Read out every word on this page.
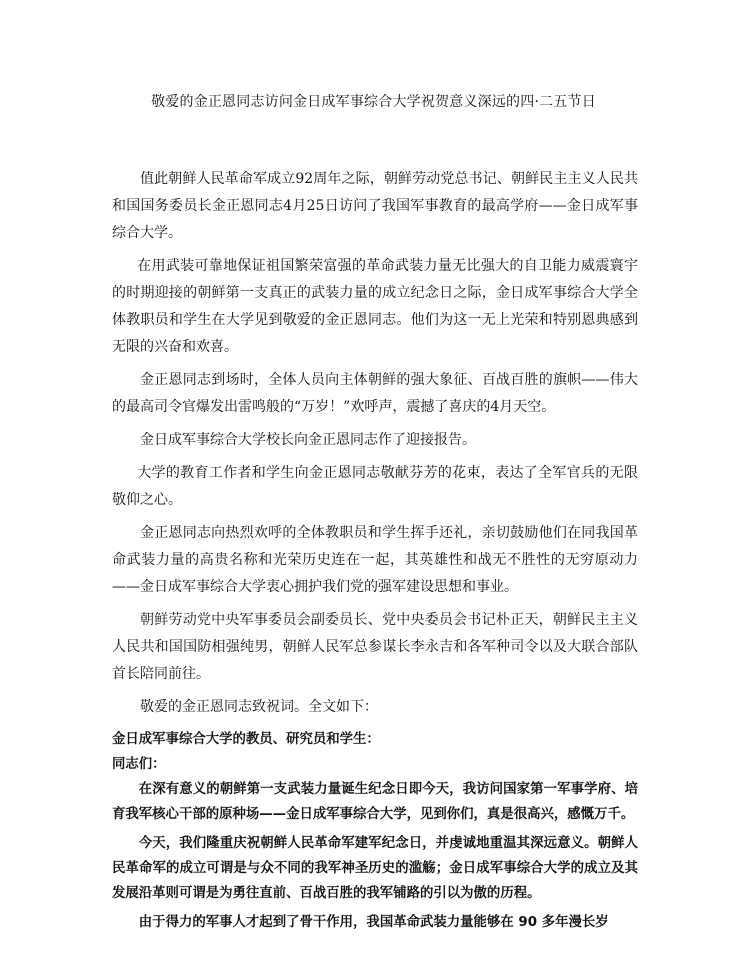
敬爱的金正恩同志访问金日成军事综合大学祝贺意义深远的四·二五节日

值此朝鲜人民革命军成立92周年之际，朝鲜劳动党总书记、朝鲜民主主义人民共和国国务委员长金正恩同志4月25日访问了我国军事教育的最高学府——金日成军事综合大学。

在用武装可靠地保证祖国繁荣富强的革命武装力量无比强大的自卫能力威震寰宇的时期迎接的朝鲜第一支真正的武装力量的成立纪念日之际，金日成军事综合大学全体教职员和学生在大学见到敬爱的金正恩同志。他们为这一无上光荣和特别恩典感到无限的兴奋和欢喜。

金正恩同志到场时，全体人员向主体朝鲜的强大象征、百战百胜的旗帜——伟大的最高司令官爆发出雷鸣般的“万岁！”欢呼声，震撼了喜庆的4月天空。

金日成军事综合大学校长向金正恩同志作了迎接报告。

大学的教育工作者和学生向金正恩同志敬献芬芳的花束，表达了全军官兵的无限敬仰之心。

金正恩同志向热烈欢呼的全体教职员和学生挥手还礼，亲切鼓励他们在同我国革命武装力量的高贵名称和光荣历史连在一起，其英雄性和战无不胜性的无穷原动力——金日成军事综合大学衷心拥护我们党的强军建设思想和事业。

朝鲜劳动党中央军事委员会副委员长、党中央委员会书记朴正天，朝鲜民主主义人民共和国国防相强纯男，朝鲜人民军总参谋长李永吉和各军种司令以及大联合部队首长陪同前往。

敬爱的金正恩同志致祝词。全文如下：

金日成军事综合大学的教员、研究员和学生：

同志们：

在深有意义的朝鲜第一支武装力量诞生纪念日即今天，我访问国家第一军事学府、培育我军核心干部的原种场——金日成军事综合大学，见到你们，真是很高兴，感慨万千。

今天，我们隆重庆祝朝鲜人民革命军建军纪念日，并虔诚地重温其深远意义。朝鲜人民革命军的成立可谓是与众不同的我军神圣历史的滥觞；金日成军事综合大学的成立及其发展沿革则可谓是为勇往直前、百战百胜的我军铺路的引以为傲的历程。

由于得力的军事人才起到了骨干作用，我国革命武装力量能够在 90 多年漫长岁
